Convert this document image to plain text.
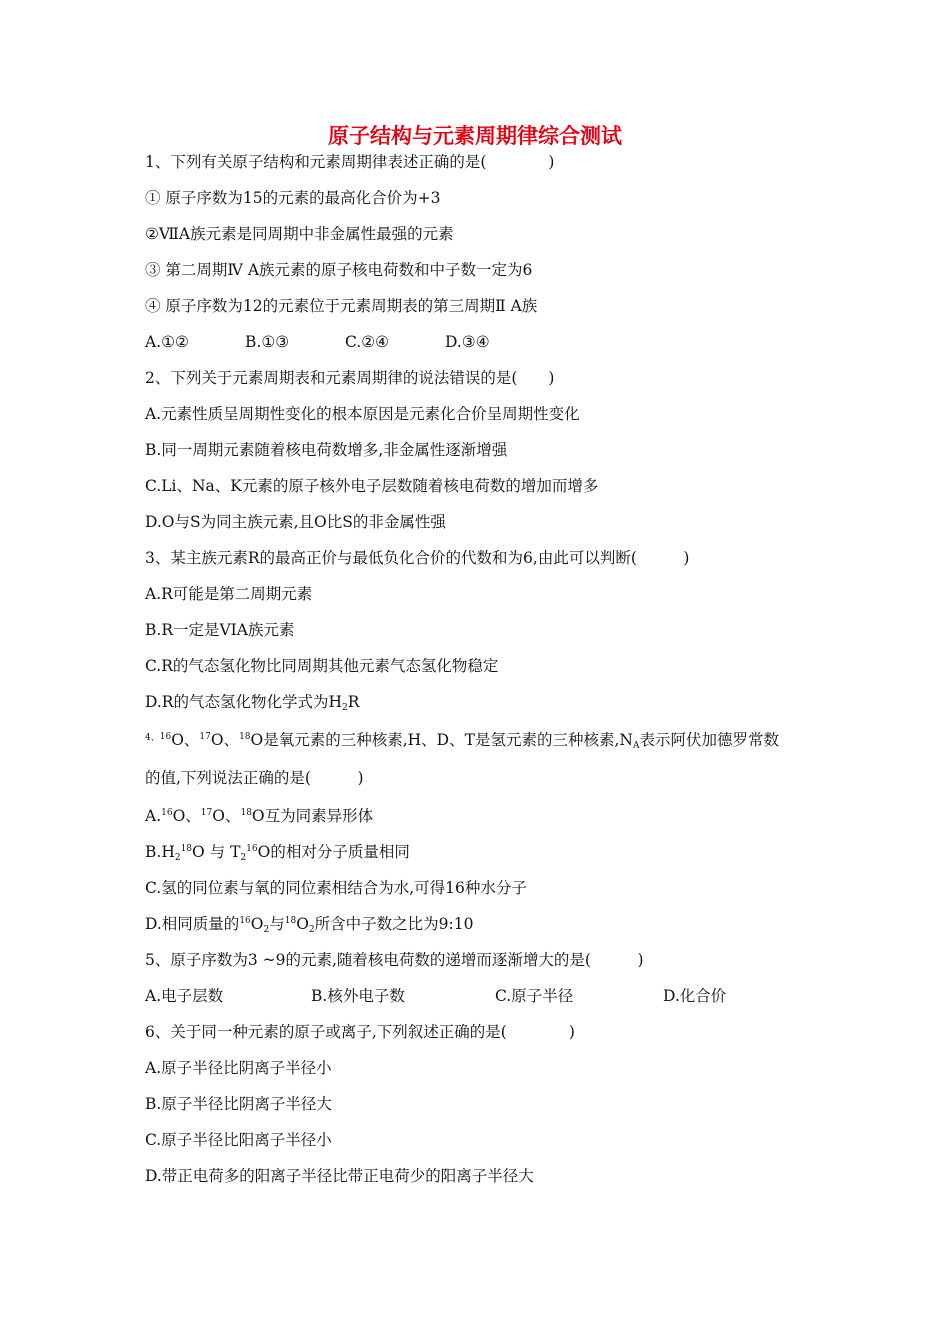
原子结构与元素周期律综合测试
1、下列有关原子结构和元素周期律表述正确的是(　　　　)
① 原子序数为15的元素的最高化合价为+3
②ⅦA族元素是同周期中非金属性最强的元素
③ 第二周期Ⅳ A族元素的原子核电荷数和中子数一定为6
④ 原子序数为12的元素位于元素周期表的第三周期Ⅱ A族
A.①②	B.①③	C.②④	D.③④
2、下列关于元素周期表和元素周期律的说法错误的是(　　)
A.元素性质呈周期性变化的根本原因是元素化合价呈周期性变化
B.同一周期元素随着核电荷数增多,非金属性逐渐增强
C.Li、Na、K元素的原子核外电子层数随着核电荷数的增加而增多
D.O与S为同主族元素,且O比S的非金属性强
3、某主族元素R的最高正价与最低负化合价的代数和为6,由此可以判断(　　　)
A.R可能是第二周期元素
B.R一定是VIA族元素
C.R的气态氢化物比同周期其他元素气态氢化物稳定
D.R的气态氢化物化学式为$H_2R$
$^{4、16}$O、$^{17}$O、$^{18}$O是氧元素的三种核素,H、D、T是氢元素的三种核素$,N_A$表示阿伏加德罗常数
的值,下列说法正确的是(　　　)
A.$^{16}$O、$^{17}$O、$^{18}$O互为同素异形体
$B.H_2^{18}O$ 与 $T_2^{16}O$的相对分子质量相同
C.氢的同位素与氧的同位素相结合为水,可得16种水分子
D.相同质量的$^{16}O_2$与$^{18}O_2$所含中子数之比为9:10
5、原子序数为3 ~9的元素,随着核电荷数的递增而逐渐增大的是(　　　)
A.电子层数	B.核外电子数	C.原子半径	D.化合价
6、关于同一种元素的原子或离子,下列叙述正确的是(　　　　)
A.原子半径比阴离子半径小
B.原子半径比阴离子半径大
C.原子半径比阳离子半径小
D.带正电荷多的阳离子半径比带正电荷少的阳离子半径大
